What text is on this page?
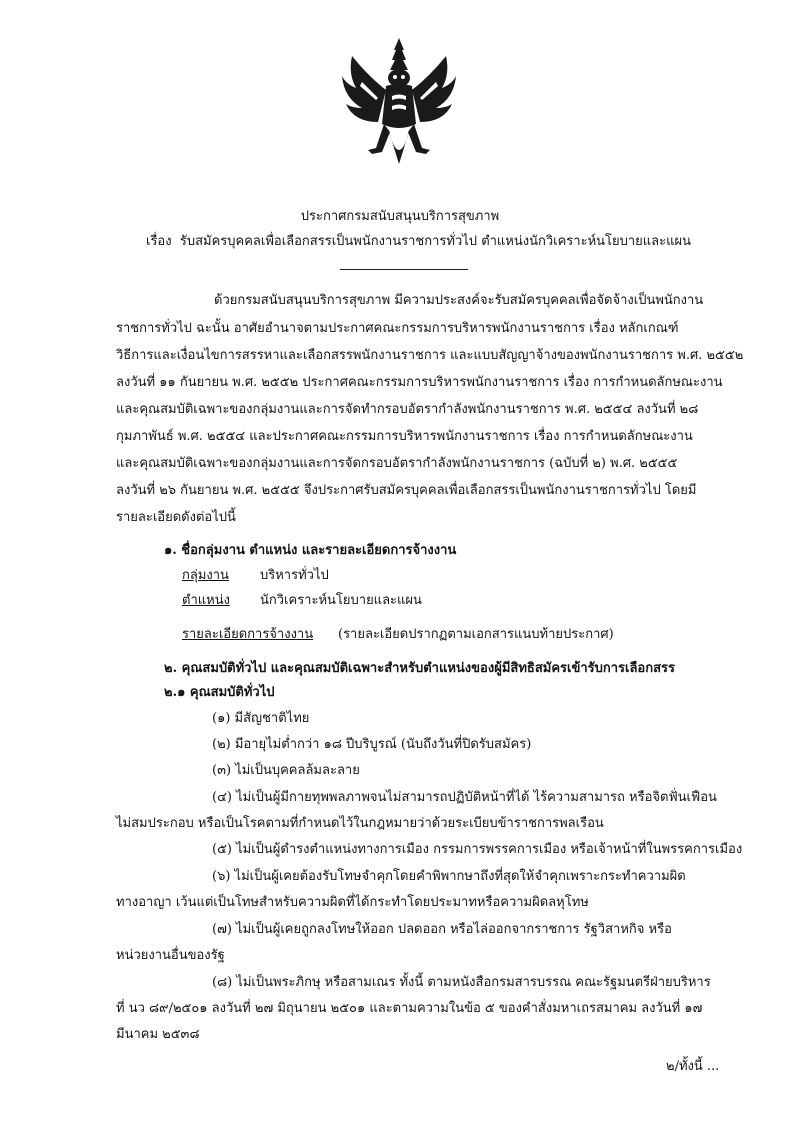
ประกาศกรมสนับสนุนบริการสุขภาพ
เรื่อง รับสมัครบุคคลเพื่อเลือกสรรเป็นพนักงานราชการทั่วไป ตำแหน่งนักวิเคราะห์นโยบายและแผน
ด้วยกรมสนับสนุนบริการสุขภาพ มีความประสงค์จะรับสมัครบุคคลเพื่อจัดจ้างเป็นพนักงาน
ราชการทั่วไป ฉะนั้น อาศัยอำนาจตามประกาศคณะกรรมการบริหารพนักงานราชการ เรื่อง หลักเกณฑ์
วิธีการและเงื่อนไขการสรรหาและเลือกสรรพนักงานราชการ และแบบสัญญาจ้างของพนักงานราชการ พ.ศ. ๒๕๕๒
ลงวันที่ ๑๑ กันยายน พ.ศ. ๒๕๕๒ ประกาศคณะกรรมการบริหารพนักงานราชการ เรื่อง การกำหนดลักษณะงาน
และคุณสมบัติเฉพาะของกลุ่มงานและการจัดทำกรอบอัตรากำลังพนักงานราชการ พ.ศ. ๒๕๕๔ ลงวันที่ ๒๘
กุมภาพันธ์ พ.ศ. ๒๕๕๔ และประกาศคณะกรรมการบริหารพนักงานราชการ เรื่อง การกำหนดลักษณะงาน
และคุณสมบัติเฉพาะของกลุ่มงานและการจัดกรอบอัตรากำลังพนักงานราชการ (ฉบับที่ ๒) พ.ศ. ๒๕๕๕
ลงวันที่ ๒๖ กันยายน พ.ศ. ๒๕๕๕ จึงประกาศรับสมัครบุคคลเพื่อเลือกสรรเป็นพนักงานราชการทั่วไป โดยมี
รายละเอียดดังต่อไปนี้
๑. ชื่อกลุ่มงาน ตำแหน่ง และรายละเอียดการจ้างงาน
กลุ่มงาน บริหารทั่วไป
ตำแหน่ง นักวิเคราะห์นโยบายและแผน
รายละเอียดการจ้างงาน (รายละเอียดปรากฏตามเอกสารแนบท้ายประกาศ)
๒. คุณสมบัติทั่วไป และคุณสมบัติเฉพาะสำหรับตำแหน่งของผู้มีสิทธิสมัครเข้ารับการเลือกสรร
๒.๑ คุณสมบัติทั่วไป
(๑) มีสัญชาติไทย
(๒) มีอายุไม่ต่ำกว่า ๑๘ ปีบริบูรณ์ (นับถึงวันที่ปิดรับสมัคร)
(๓) ไม่เป็นบุคคลล้มละลาย
(๔) ไม่เป็นผู้มีกายทุพพลภาพจนไม่สามารถปฏิบัติหน้าที่ได้ ไร้ความสามารถ หรือจิตฟั่นเฟือน
ไม่สมประกอบ หรือเป็นโรคตามที่กำหนดไว้ในกฎหมายว่าด้วยระเบียบข้าราชการพลเรือน
(๕) ไม่เป็นผู้ดำรงตำแหน่งทางการเมือง กรรมการพรรคการเมือง หรือเจ้าหน้าที่ในพรรคการเมือง
(๖) ไม่เป็นผู้เคยต้องรับโทษจำคุกโดยคำพิพากษาถึงที่สุดให้จำคุกเพราะกระทำความผิด
ทางอาญา เว้นแต่เป็นโทษสำหรับความผิดที่ได้กระทำโดยประมาทหรือความผิดลหุโทษ
(๗) ไม่เป็นผู้เคยถูกลงโทษให้ออก ปลดออก หรือไล่ออกจากราชการ รัฐวิสาหกิจ หรือ
หน่วยงานอื่นของรัฐ
(๘) ไม่เป็นพระภิกษุ หรือสามเณร ทั้งนี้ ตามหนังสือกรมสารบรรณ คณะรัฐมนตรีฝ่ายบริหาร
ที่ นว ๘๙/๒๕๐๑ ลงวันที่ ๒๗ มิถุนายน ๒๕๐๑ และตามความในข้อ ๕ ของคำสั่งมหาเถรสมาคม ลงวันที่ ๑๗
มีนาคม ๒๕๓๘
๒/ทั้งนี้ ...
